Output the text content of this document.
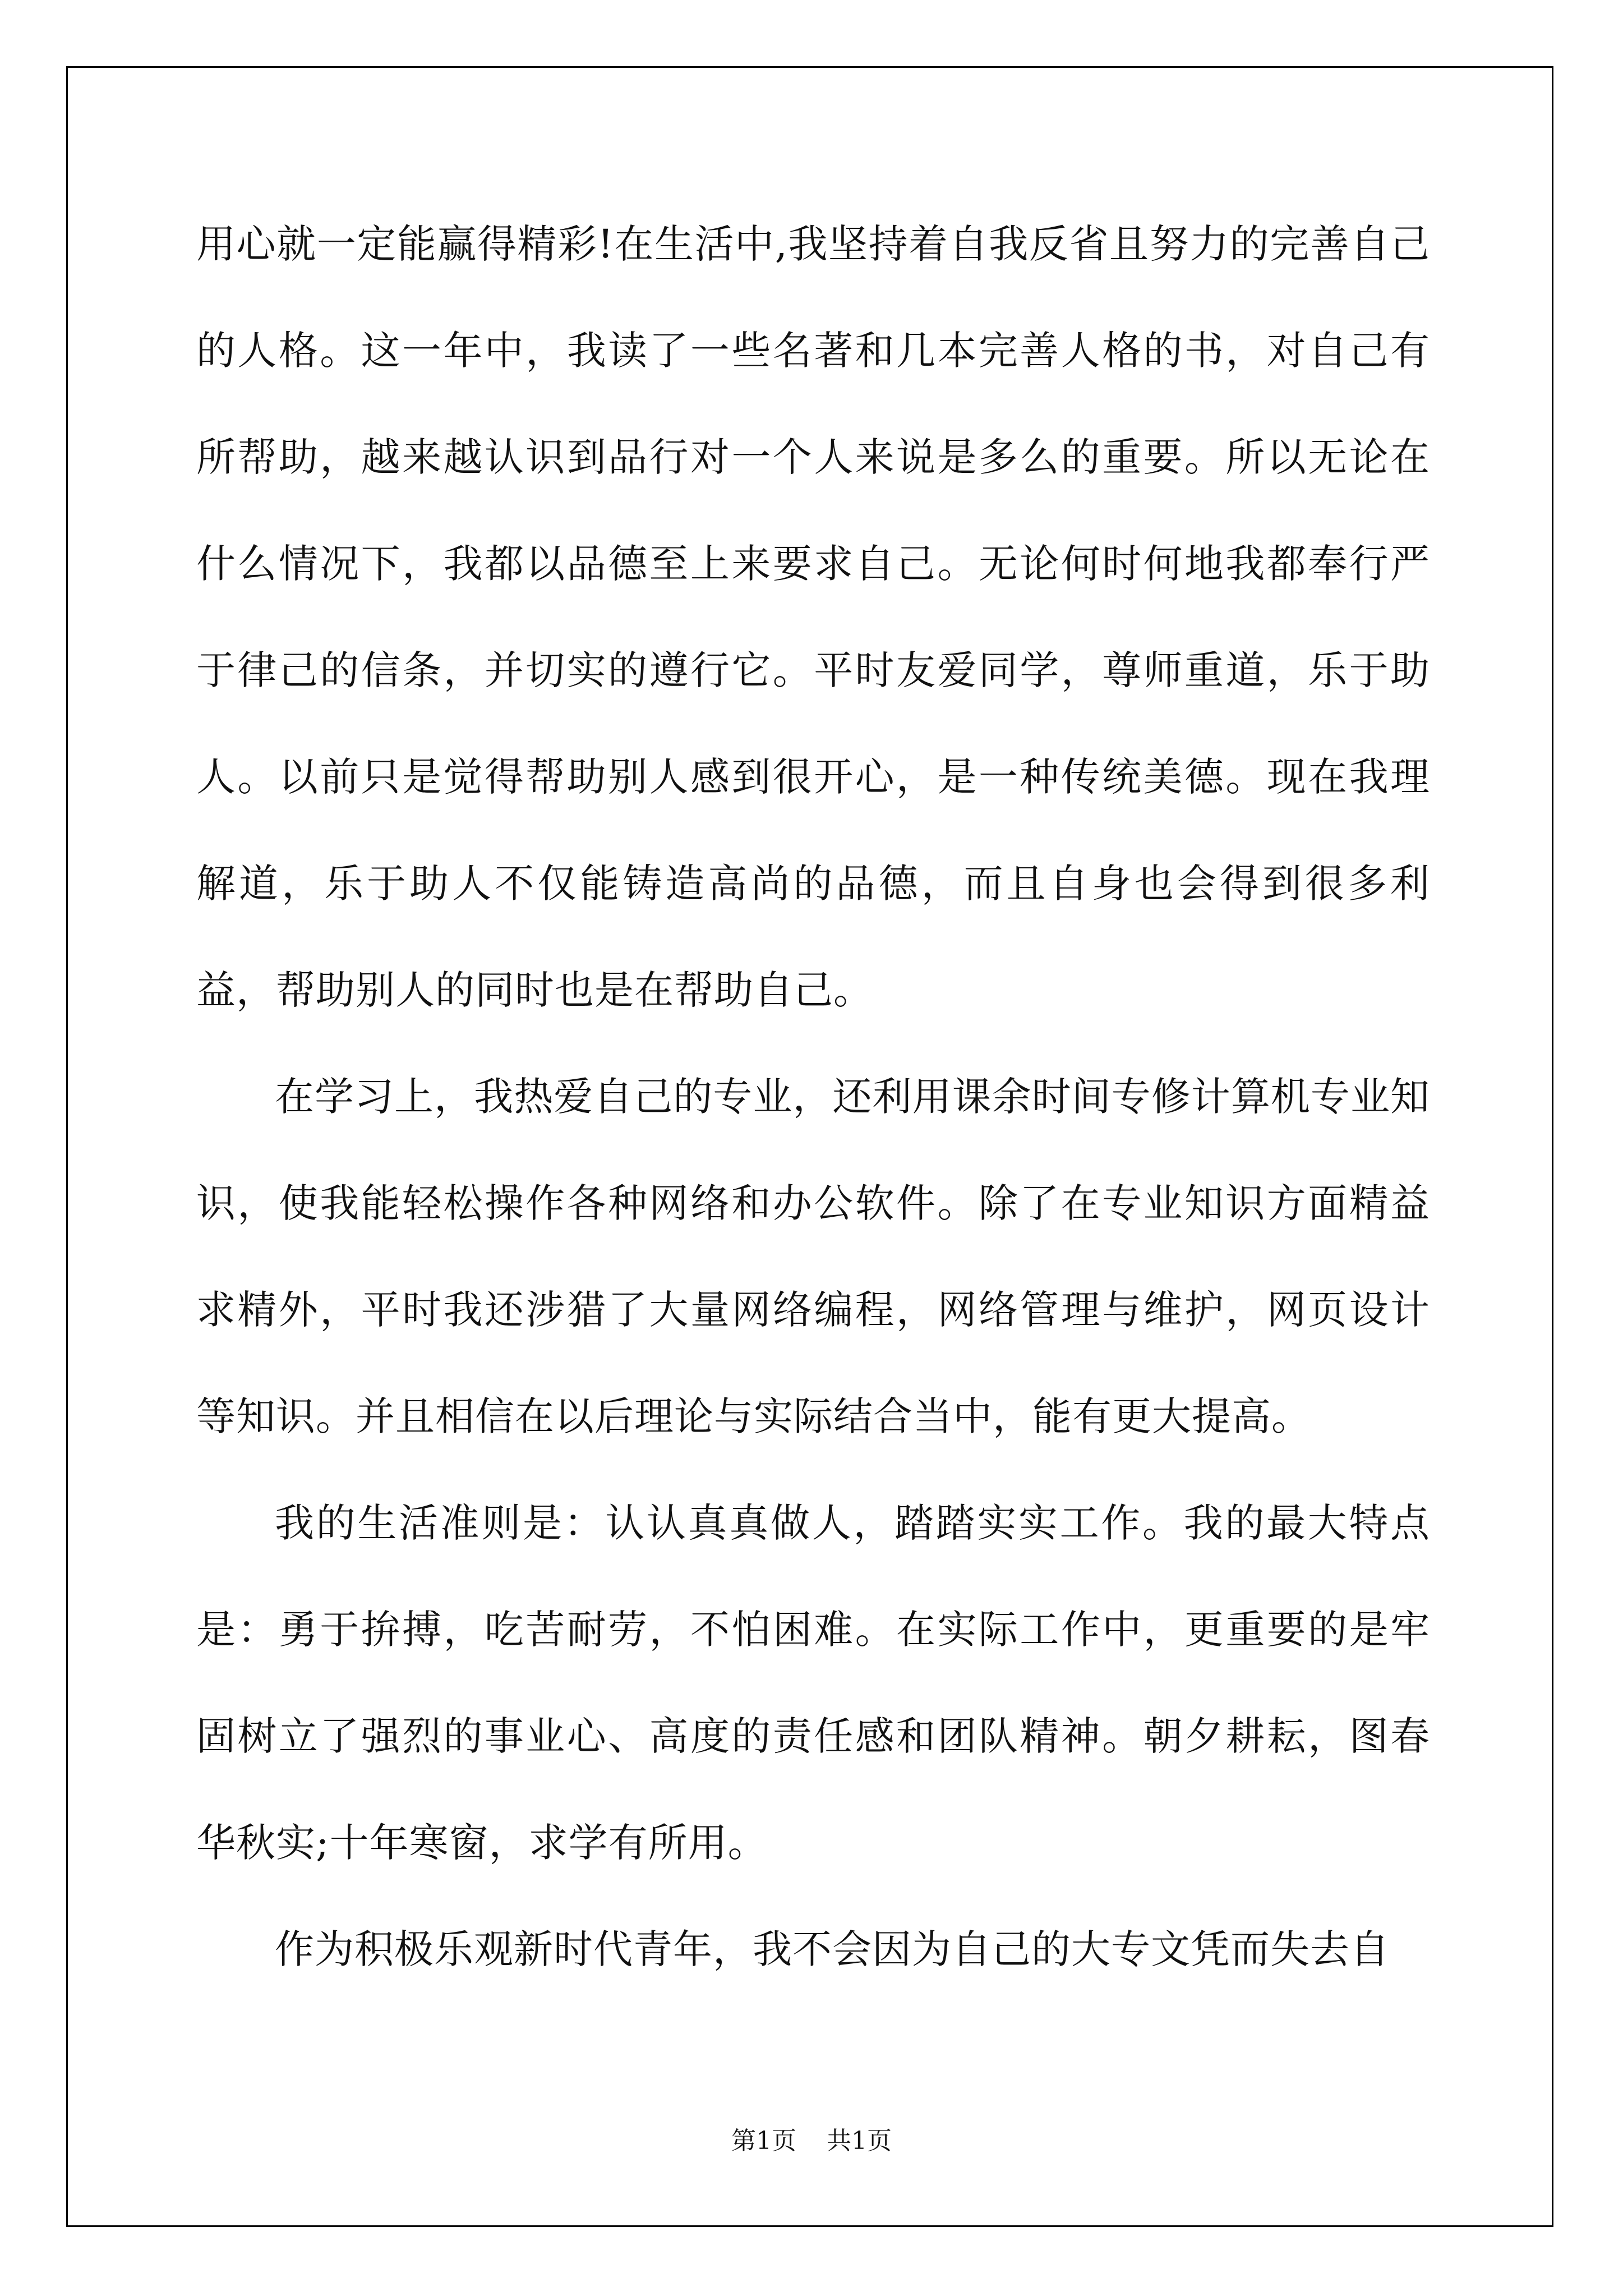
用心就一定能赢得精彩!在生活中,我坚持着自我反省且努力的完善自己的人格。这一年中，我读了一些名著和几本完善人格的书，对自己有所帮助，越来越认识到品行对一个人来说是多么的重要。所以无论在什么情况下，我都以品德至上来要求自己。无论何时何地我都奉行严于律己的信条，并切实的遵行它。平时友爱同学，尊师重道，乐于助人。以前只是觉得帮助别人感到很开心，是一种传统美德。现在我理解道，乐于助人不仅能铸造高尚的品德，而且自身也会得到很多利益，帮助别人的同时也是在帮助自己。

在学习上，我热爱自己的专业，还利用课余时间专修计算机专业知识，使我能轻松操作各种网络和办公软件。除了在专业知识方面精益求精外，平时我还涉猎了大量网络编程，网络管理与维护，网页设计等知识。并且相信在以后理论与实际结合当中，能有更大提高。

我的生活准则是：认认真真做人，踏踏实实工作。我的最大特点是：勇于拚搏，吃苦耐劳，不怕困难。在实际工作中，更重要的是牢固树立了强烈的事业心、高度的责任感和团队精神。朝夕耕耘，图春华秋实;十年寒窗，求学有所用。

作为积极乐观新时代青年，我不会因为自己的大专文凭而失去自

第1页 共1页
